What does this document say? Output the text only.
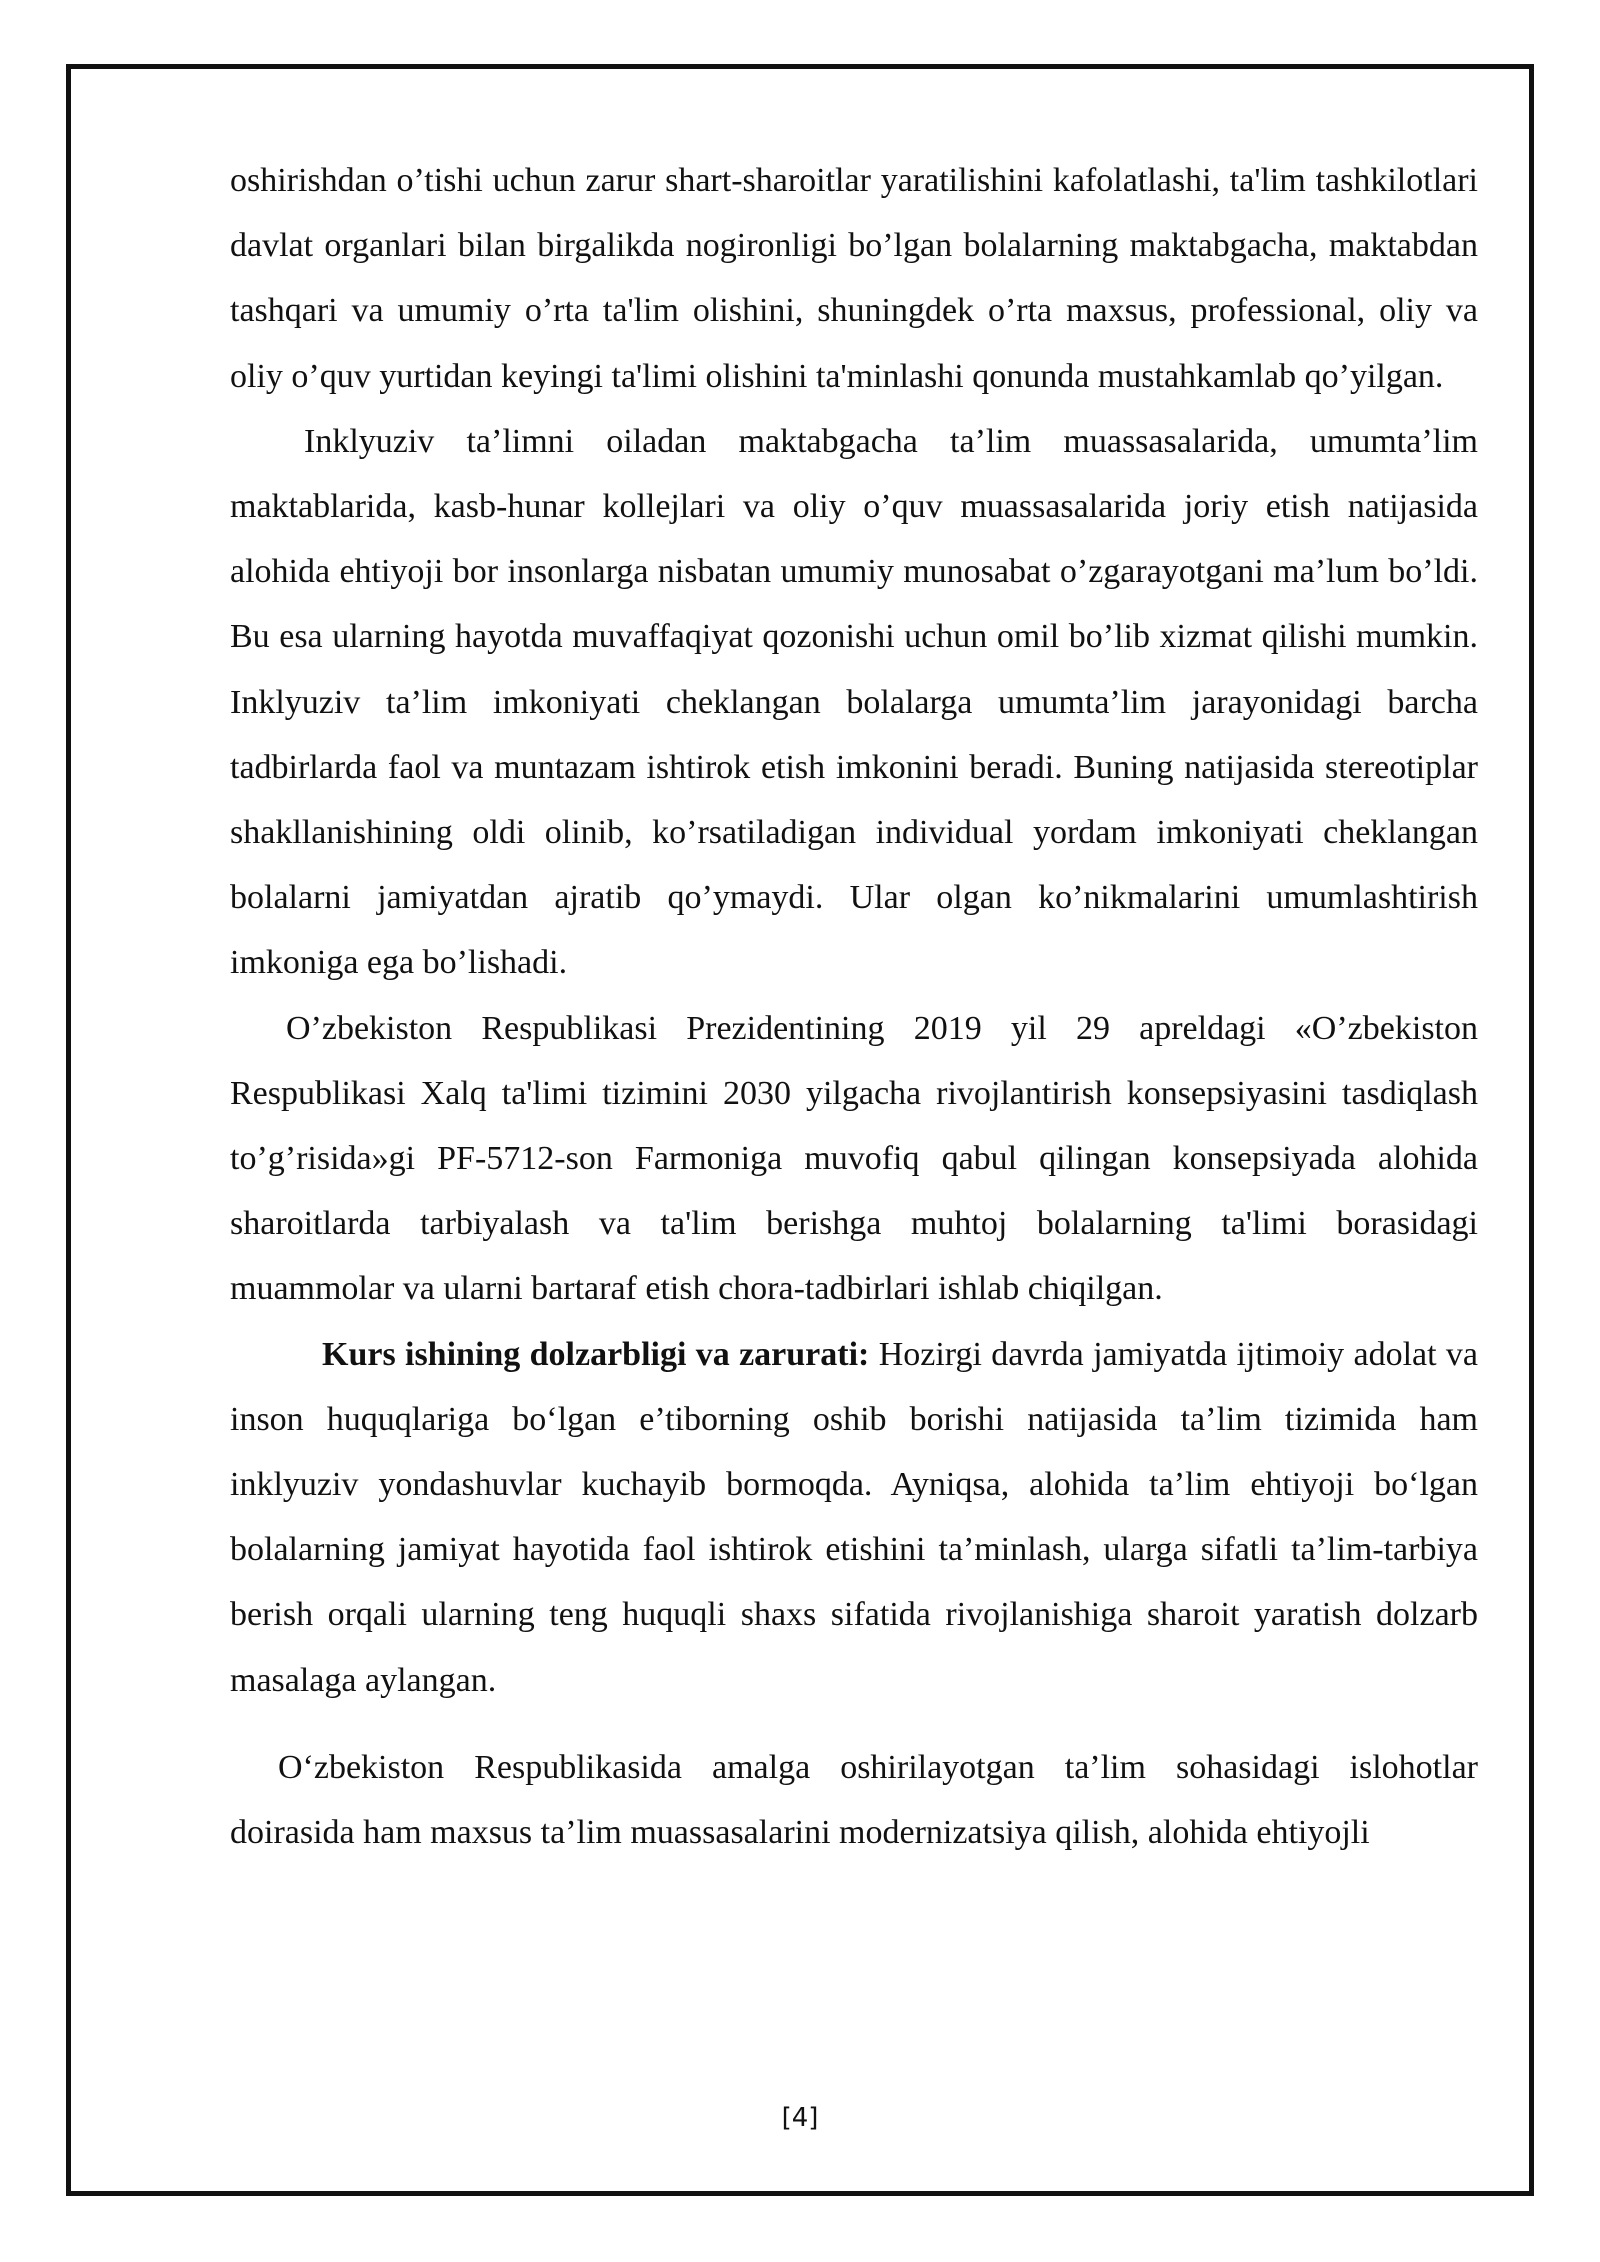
oshirishdan o’tishi uchun zarur shart-sharoitlar yaratilishini kafolatlashi, ta'lim tashkilotlari davlat organlari bilan birgalikda nogironligi bo’lgan bolalarning maktabgacha, maktabdan tashqari va umumiy o’rta ta'lim olishini, shuningdek o’rta maxsus, professional, oliy va oliy o’quv yurtidan keyingi ta'limi olishini ta'minlashi qonunda mustahkamlab qo’yilgan.

Inklyuziv ta’limni oiladan maktabgacha ta’lim muassasalarida, umumta’lim maktablarida, kasb-hunar kollejlari va oliy o’quv muassasalarida joriy etish natijasida alohida ehtiyoji bor insonlarga nisbatan umumiy munosabat o’zgarayotgani ma’lum bo’ldi. Bu esa ularning hayotda muvaffaqiyat qozonishi uchun omil bo’lib xizmat qilishi mumkin. Inklyuziv ta’lim imkoniyati cheklangan bolalarga umumta’lim jarayonidagi barcha tadbirlarda faol va muntazam ishtirok etish imkonini beradi. Buning natijasida stereotiplar shakllanishining oldi olinib, ko’rsatiladigan individual yordam imkoniyati cheklangan bolalarni jamiyatdan ajratib qo’ymaydi. Ular olgan ko’nikmalarini umumlashtirish imkoniga ega bo’lishadi.

O’zbekiston Respublikasi Prezidentining 2019 yil 29 apreldagi «O’zbekiston Respublikasi Xalq ta'limi tizimini 2030 yilgacha rivojlantirish konsepsiyasini tasdiqlash to’g’risida»gi PF-5712-son Farmoniga muvofiq qabul qilingan konsepsiyada alohida sharoitlarda tarbiyalash va ta'lim berishga muhtoj bolalarning ta'limi borasidagi muammolar va ularni bartaraf etish chora-tadbirlari ishlab chiqilgan.

Kurs ishining dolzarbligi va zarurati: Hozirgi davrda jamiyatda ijtimoiy adolat va inson huquqlariga bo‘lgan e’tiborning oshib borishi natijasida ta’lim tizimida ham inklyuziv yondashuvlar kuchayib bormoqda. Ayniqsa, alohida ta’lim ehtiyoji bo‘lgan bolalarning jamiyat hayotida faol ishtirok etishini ta’minlash, ularga sifatli ta’lim-tarbiya berish orqali ularning teng huquqli shaxs sifatida rivojlanishiga sharoit yaratish dolzarb masalaga aylangan.

O‘zbekiston Respublikasida amalga oshirilayotgan ta’lim sohasidagi islohotlar doirasida ham maxsus ta’lim muassasalarini modernizatsiya qilish, alohida ehtiyojli

[4]
